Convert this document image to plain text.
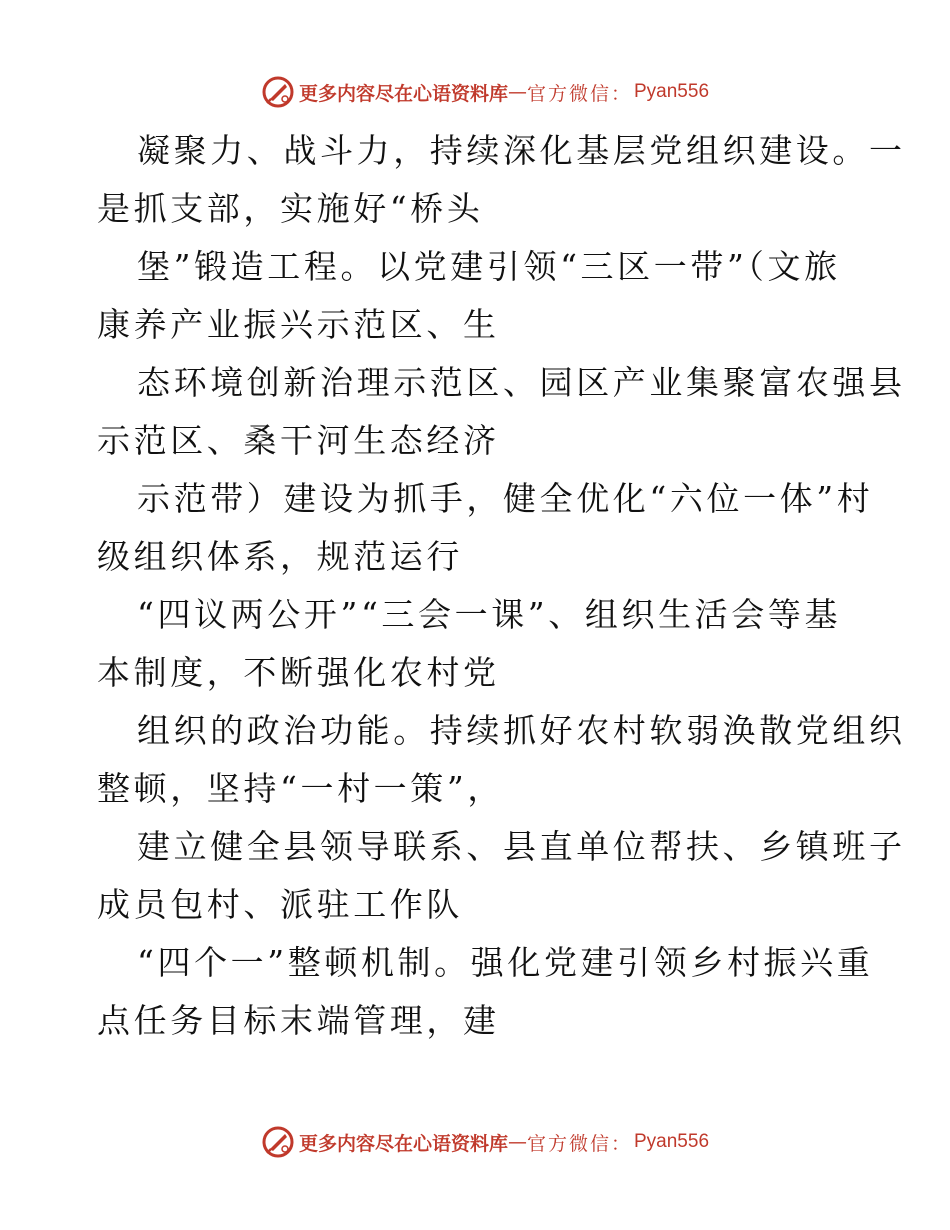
更多内容尽在心语资料库 — 官方微信： Pyan556
凝聚力、战斗力，持续深化基层党组织建设。一
是抓支部，实施好“桥头
堡”锻造工程。以党建引领“三区一带”（文旅
康养产业振兴示范区、生
态环境创新治理示范区、园区产业集聚富农强县
示范区、桑干河生态经济
示范带）建设为抓手，健全优化“六位一体”村
级组织体系，规范运行
“四议两公开”“三会一课”、组织生活会等基
本制度，不断强化农村党
组织的政治功能。持续抓好农村软弱涣散党组织
整顿，坚持“一村一策”，
建立健全县领导联系、县直单位帮扶、乡镇班子
成员包村、派驻工作队
“四个一”整顿机制。强化党建引领乡村振兴重
点任务目标末端管理，建
更多内容尽在心语资料库 — 官方微信： Pyan556
